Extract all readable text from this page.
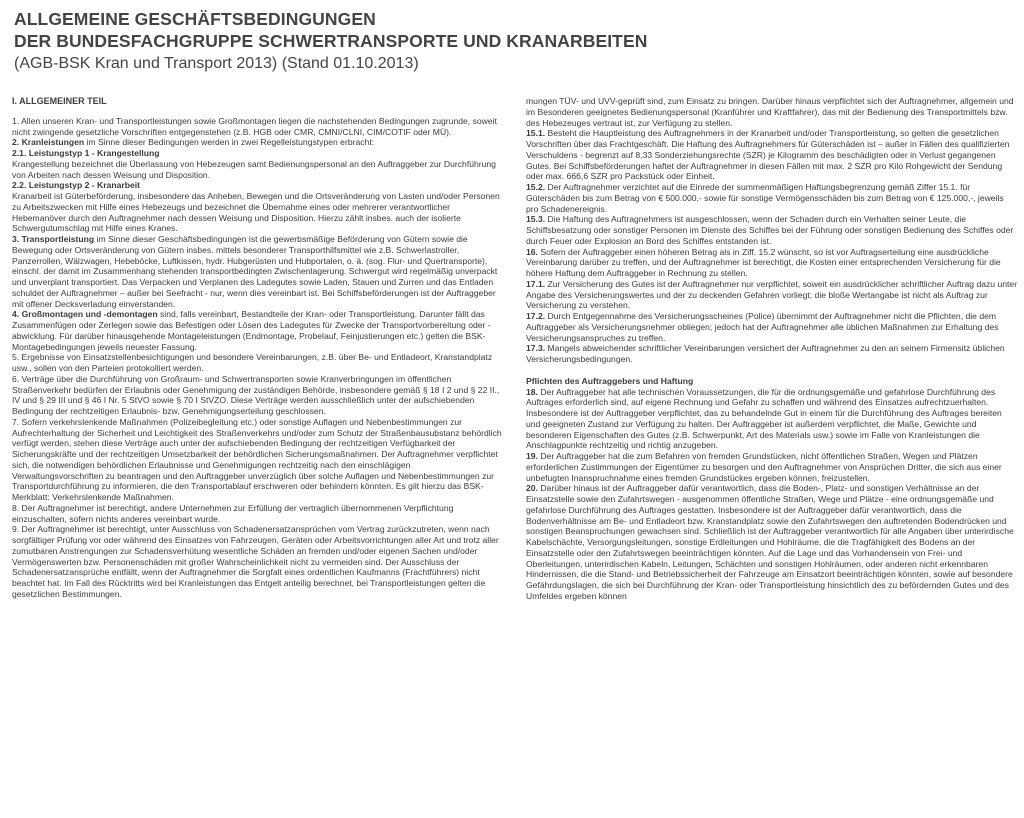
ALLGEMEINE GESCHÄFTSBEDINGUNGEN
DER BUNDESFACHGRUPPE SCHWERTRANSPORTE UND KRANARBEITEN
(AGB-BSK Kran und Transport 2013) (Stand 01.10.2013)

I. ALLGEMEINER TEIL

1. Allen unseren Kran- und Transportleistungen sowie Großmontagen liegen die nachstehenden Bedingungen zugrunde, soweit nicht zwingende gesetzliche Vorschriften entgegenstehen (z.B. HGB oder CMR, CMNI/CLNI, CIM/COTIF oder MÜ).

2. Kranleistungen im Sinne dieser Bedingungen werden in zwei Regelleistungstypen erbracht:

2.1. Leistungstyp 1 - Krangestellung

Krangestellung bezeichnet die Überlassung von Hebezeugen samt Bedienungspersonal an den Auftraggeber zur Durchführung von Arbeiten nach dessen Weisung und Disposition.

2.2. Leistungstyp 2 - Kranarbeit

Kranarbeit ist Güterbeförderung, insbesondere das Anheben, Bewegen und die Ortsveränderung von Lasten und/oder Personen zu Arbeitszwecken mit Hilfe eines Hebezeugs und bezeichnet die Übernahme eines oder mehrerer verantwortlicher Hebemanöver durch den Auftragnehmer nach dessen Weisung und Disposition. Hierzu zählt insbes. auch der isolierte Schwergutumschlag mit Hilfe eines Kranes.

3. Transportleistung im Sinne dieser Geschäftsbedingungen ist die gewerbsmäßige Beförderung von Gütern sowie die Bewegung oder Ortsveränderung von Gütern insbes. mittels besonderer Transporthilfsmittel wie z.B. Schwerlastroller, Panzerrollen, Wälzwagen, Hebeböcke, Luftkissen, hydr. Hubgerüsten und Hubportalen, o. ä. (sog. Flur- und Quertransporte), einschl. der damit im Zusammenhang stehenden transportbedingten Zwischenlagerung. Schwergut wird regelmäßig unverpackt und unverplant transportiert. Das Verpacken und Verplanen des Ladegutes sowie Laden, Stauen und Zurren und das Entladen schuldet der Auftragnehmer – außer bei Seefracht - nur, wenn dies vereinbart ist. Bei Schiffsbeförderungen ist der Auftraggeber mit offener Decksverladung einverstanden.

4. Großmontagen und -demontagen sind, falls vereinbart, Bestandteile der Kran- oder Transportleistung. Darunter fällt das Zusammenfügen oder Zerlegen sowie das Befestigen oder Lösen des Ladegutes für Zwecke der Transportvorbereitung oder -abwicklung. Für darüber hinausgehende Montageleistungen (Endmontage, Probelauf, Feinjustierungen etc.) gelten die BSK-Montagebedingungen jeweils neuester Fassung.

5. Ergebnisse von Einsatzstellenbesichtigungen und besondere Vereinbarungen, z.B. über Be- und Entladeort, Kranstandplatz usw., sollen von den Parteien protokolliert werden.

6. Verträge über die Durchführung von Großraum- und Schwertransporten sowie Kranverbringungen im öffentlichen Straßenverkehr bedürfen der Erlaubnis oder Genehmigung der zuständigen Behörde, insbesondere gemäß § 18 I 2 und § 22 II., IV und § 29 III und § 46 I Nr. 5 StVO sowie § 70 I StVZO. Diese Verträge werden ausschließlich unter der aufschiebenden Bedingung der rechtzeitigen Erlaubnis- bzw. Genehmigungserteilung geschlossen.

7. Sofern verkehrslenkende Maßnahmen (Polizeibegleitung etc.) oder sonstige Auflagen und Nebenbestimmungen zur Aufrechterhaltung der Sicherheit und Leichtigkeit des Straßenverkehrs und/oder zum Schutz der Straßenbausubstanz behördlich verfügt werden, stehen diese Verträge auch unter der aufschiebenden Bedingung der rechtzeitigen Verfügbarkeit der Sicherungskräfte und der rechtzeitigen Umsetzbarkeit der behördlichen Sicherungsmaßnahmen. Der Auftragnehmer verpflichtet sich, die notwendigen behördlichen Erlaubnisse und Genehmigungen rechtzeitig nach den einschlägigen Verwaltungsvorschriften zu beantragen und den Auftraggeber unverzüglich über solche Auflagen und Nebenbestimmungen zur Transportdurchführung zu informieren, die den Transportablauf erschweren oder behindern könnten. Es gilt hierzu das BSK-Merkblatt: Verkehrslenkende Maßnahmen.

8. Der Auftragnehmer ist berechtigt, andere Unternehmen zur Erfüllung der vertraglich übernommenen Verpflichtung einzuschalten, sofern nichts anderes vereinbart wurde.

9. Der Auftragnehmer ist berechtigt, unter Ausschluss von Schadenersatzansprüchen vom Vertrag zurückzutreten, wenn nach sorgfältiger Prüfung vor oder während des Einsatzes von Fahrzeugen, Geräten oder Arbeitsvorrichtungen aller Art und trotz aller zumutbaren Anstrengungen zur Schadensverhütung wesentliche Schäden an fremden und/oder eigenen Sachen und/oder Vermögenswerten bzw. Personenschäden mit großer Wahrscheinlichkeit nicht zu vermeiden sind. Der Ausschluss der Schadenersatzansprüche entfällt, wenn der Auftragnehmer die Sorgfalt eines ordentlichen Kaufmanns (Frachtführers) nicht beachtet hat. Im Fall des Rücktritts wird bei Kranleistungen das Entgelt anteilig berechnet, bei Transportleistungen gelten die gesetzlichen Bestimmungen.

mungen TÜV- und UVV-geprüft sind, zum Einsatz zu bringen. Darüber hinaus verpflichtet sich der Auftragnehmer, allgemein und im Besonderen geeignetes Bedienungspersonal (Kranführer und Kraftfahrer), das mit der Bedienung des Transportmittels bzw. des Hebezeuges vertraut ist, zur Verfügung zu stellen.

15.1. Besteht die Hauptleistung des Auftragnehmers in der Kranarbeit und/oder Transportleistung, so gelten die gesetzlichen Vorschriften über das Frachtgeschäft. Die Haftung des Auftragnehmers für Güterschäden ist – außer in Fällen des qualifizierten Verschuldens - begrenzt auf 8,33 Sonderziehungsrechte (SZR) je Kilogramm des beschädigten oder in Verlust gegangenen Gutes. Bei Schiffsbeförderungen haftet der Auftragnehmer in diesen Fällen mit max. 2 SZR pro Kilo Rohgewicht der Sendung oder max. 666,6 SZR pro Packstück oder Einheit.

15.2. Der Auftragnehmer verzichtet auf die Einrede der summenmäßigen Haftungsbegrenzung gemäß Ziffer 15.1. für Güterschäden bis zum Betrag von € 500.000,- sowie für sonstige Vermögensschäden bis zum Betrag von € 125.000,-, jeweils pro Schadenereignis.

15.3. Die Haftung des Auftragnehmers ist ausgeschlossen, wenn der Schaden durch ein Verhalten seiner Leute, die Schiffsbesatzung oder sonstiger Personen im Dienste des Schiffes bei der Führung oder sonstigen Bedienung des Schiffes oder durch Feuer oder Explosion an Bord des Schiffes entstanden ist.

16. Sofern der Auftraggeber einen höheren Betrag als in Ziff. 15.2 wünscht, so ist vor Auftragserteilung eine ausdrückliche Vereinbarung darüber zu treffen, und der Auftragnehmer ist berechtigt, die Kosten einer entsprechenden Versicherung für die höhere Haftung dem Auftraggeber in Rechnung zu stellen.

17.1. Zur Versicherung des Gutes ist der Auftragnehmer nur verpflichtet, soweit ein ausdrücklicher schriftlicher Auftrag dazu unter Angabe des Versicherungswertes und der zu deckenden Gefahren vorliegt; die bloße Wertangabe ist nicht als Auftrag zur Versicherung zu verstehen.

17.2. Durch Entgegennahme des Versicherungsscheines (Police) übernimmt der Auftragnehmer nicht die Pflichten, die dem Auftraggeber als Versicherungsnehmer obliegen; jedoch hat der Auftragnehmer alle üblichen Maßnahmen zur Erhaltung des Versicherungsanspruches zu treffen.

17.3. Mangels abweichender schriftlicher Vereinbarungen versichert der Auftragnehmer zu den an seinem Firmensitz üblichen Versicherungsbedingungen.

Pflichten des Auftraggebers und Haftung

18. Der Auftraggeber hat alle technischen Voraussetzungen, die für die ordnungsgemäße und gefahrlose Durchführung des Auftrages erforderlich sind, auf eigene Rechnung und Gefahr zu schaffen und während des Einsatzes aufrechtzuerhalten. Insbesondere ist der Auftraggeber verpflichtet, das zu behandelnde Gut in einem für die Durchführung des Auftrages bereiten und geeigneten Zustand zur Verfügung zu halten. Der Auftraggeber ist außerdem verpflichtet, die Maße, Gewichte und besonderen Eigenschaften des Gutes (z.B. Schwerpunkt, Art des Materials usw.) sowie im Falle von Kranleistungen die Anschlagpunkte rechtzeitig und richtig anzugeben.

19. Der Auftraggeber hat die zum Befahren von fremden Grundstücken, nicht öffentlichen Straßen, Wegen und Plätzen erforderlichen Zustimmungen der Eigentümer zu besorgen und den Auftragnehmer von Ansprüchen Dritter, die sich aus einer unbefugten Inanspruchnahme eines fremden Grundstückes ergeben können, freizustellen.

20. Darüber hinaus ist der Auftraggeber dafür verantwortlich, dass die Boden-, Platz- und sonstigen Verhältnisse an der Einsatzstelle sowie den Zufahrtswegen - ausgenommen öffentliche Straßen, Wege und Plätze - eine ordnungsgemäße und gefahrlose Durchführung des Auftrages gestatten. Insbesondere ist der Auftraggeber dafür verantwortlich, dass die Bodenverhältnisse am Be- und Entladeort bzw. Kranstandplatz sowie den Zufahrtswegen den auftretenden Bodendrücken und sonstigen Beanspruchungen gewachsen sind. Schließlich ist der Auftraggeber verantwortlich für alle Angaben über unterirdische Kabelschächte, Versorgungsleitungen, sonstige Erdleitungen und Hohlräume, die die Tragfähigkeit des Bodens an der Einsatzstelle oder den Zufahrtswegen beeinträchtigen könnten. Auf die Lage und das Vorhandensein von Frei- und Oberleitungen, unterirdischen Kabeln, Leitungen, Schächten und sonstigen Hohlräumen, oder anderen nicht erkennbaren Hindernissen, die die Stand- und Betriebssicherheit der Fahrzeuge am Einsatzort beeinträchtigen könnten, sowie auf besondere Gefährdungslagen, die sich bei Durchführung der Kran- oder Transportleistung hinsichtlich des zu befördernden Gutes und des Umfeldes ergeben können
